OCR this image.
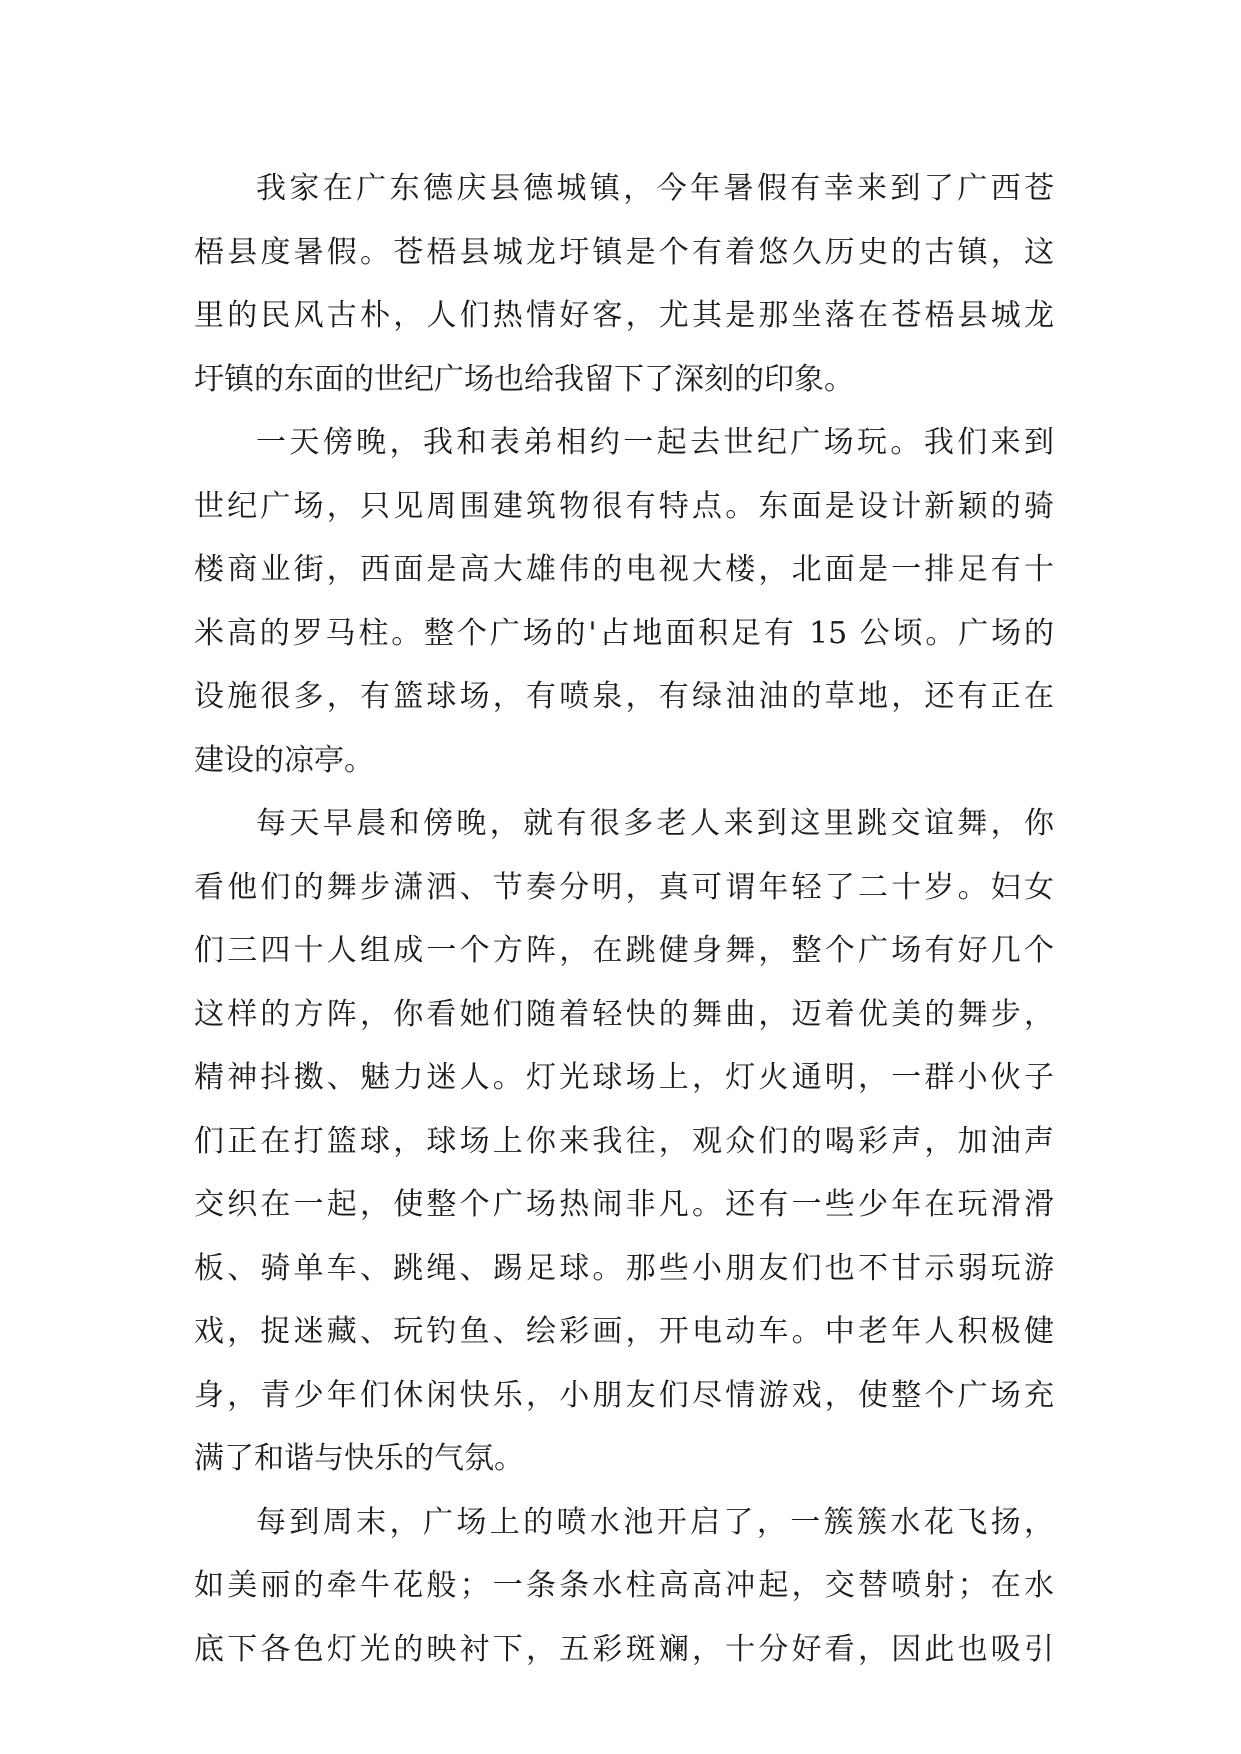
我家在广东德庆县德城镇，今年暑假有幸来到了广西苍
梧县度暑假。苍梧县城龙圩镇是个有着悠久历史的古镇，这
里的民风古朴，人们热情好客，尤其是那坐落在苍梧县城龙
圩镇的东面的世纪广场也给我留下了深刻的印象。
一天傍晚，我和表弟相约一起去世纪广场玩。我们来到
世纪广场，只见周围建筑物很有特点。东面是设计新颖的骑
楼商业街，西面是高大雄伟的电视大楼，北面是一排足有十
米高的罗马柱。整个广场的'占地面积足有 15 公顷。广场的
设施很多，有篮球场，有喷泉，有绿油油的草地，还有正在
建设的凉亭。
每天早晨和傍晚，就有很多老人来到这里跳交谊舞，你
看他们的舞步潇洒、节奏分明，真可谓年轻了二十岁。妇女
们三四十人组成一个方阵，在跳健身舞，整个广场有好几个
这样的方阵，你看她们随着轻快的舞曲，迈着优美的舞步，
精神抖擞、魅力迷人。灯光球场上，灯火通明，一群小伙子
们正在打篮球，球场上你来我往，观众们的喝彩声，加油声
交织在一起，使整个广场热闹非凡。还有一些少年在玩滑滑
板、骑单车、跳绳、踢足球。那些小朋友们也不甘示弱玩游
戏，捉迷藏、玩钓鱼、绘彩画，开电动车。中老年人积极健
身，青少年们休闲快乐，小朋友们尽情游戏，使整个广场充
满了和谐与快乐的气氛。
每到周末，广场上的喷水池开启了，一簇簇水花飞扬，
如美丽的牵牛花般；一条条水柱高高冲起，交替喷射；在水
底下各色灯光的映衬下，五彩斑斓，十分好看，因此也吸引
